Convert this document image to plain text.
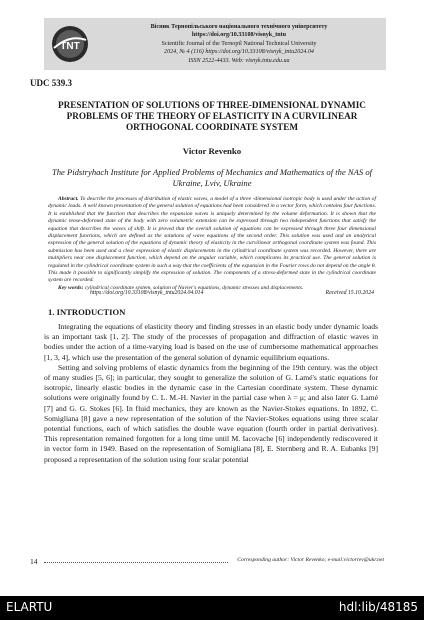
TNT
Вісник Тернопільського національного технічного університету
https://doi.org/10.33108/visnyk_tntu
Scientific Journal of the Ternopil National Technical University
2024, № 4 (116) https://doi.org/10.33108/visnyk_tntu2024.04
ISSN 2522-4433. Web: visnyk.tntu.edu.ua
UDC 539.3
PRESENTATION OF SOLUTIONS OF THREE-DIMENSIONAL DYNAMIC PROBLEMS OF THE THEORY OF ELASTICITY IN A CURVILINEAR ORTHOGONAL COORDINATE SYSTEM
Victor Revenko
The Pidstryhach Institute for Applied Problems of Mechanics and Mathematics of the NAS of Ukraine, Lviv, Ukraine

Abstract. To describe the processes of distribution of elastic waves, a model of a three -dimensional isotropic body is used under the action of dynamic loads. A well known presentation of the general solution of equations had been considered in a vector form, which contains four functions. It is established that the function that describes the expansion waves is uniquely determined by the volume deformation. It is shown that the dynamic tense-deformed state of the body with zero volumetric extension can be expressed through two independent functions that satisfy the equation that describes the waves of shift. It is proved that the overall solution of equations can be expressed through three four dimensional displacement functions, which are defined as the solutions of wave equations of the second order. This solution was used and an analytical expression of the general solution of the equations of dynamic theory of elasticity in the curvilinear orthogonal coordinate system was found. This submission has been used and a clear expression of elastic displacements in the cylindrical coordinate system was recorded. However, there are multipliers near one displacement function, which depend on the angular variable, which complicates its practical use. The general solution is regulated in the cylindrical coordinate system in such a way that the coefficients of the expansion in the Fourier rows do not depend on the angle θ. This made it possible to significantly simplify the expression of solution. The components of a stress-deformed state in the cylindrical coordinate system are recorded.

Key words: cylindrical coordinate system, solution of Navier's equations, dynamic stresses and displacements.

https://doi.org/10.33108/visnyk_tntu2024.04.014	Received 15.10.2024
1. INTRODUCTION

Integrating the equations of elasticity theory and finding stresses in an elastic body under dynamic loads is an important task [1, 2]. The study of the processes of propagation and diffraction of elastic waves in bodies under the action of a time-varying load is based on the use of cumbersome mathematical approaches [1, 3, 4], which use the presentation of the general solution of dynamic equilibrium equations.

Setting and solving problems of elastic dynamics from the beginning of the 19th century. was the object of many studies [5, 6]; in particular, they sought to generalize the solution of G. Lamé's static equations for isotropic, linearly elastic bodies in the dynamic case in the Cartesian coordinate system. These dynamic solutions were originally found by C. L. M.-H. Navier in the partial case when λ = μ; and also later G. Lamé [7] and G. G. Stokes [6]. In fluid mechanics, they are known as the Navier-Stokes equations. In 1892, C. Somigliana [8] gave a new representation of the solution of the Navier-Stokes equations using three scalar potential functions, each of which satisfies the double wave equation (fourth order in partial derivatives). This representation remained forgotten for a long time until M. Iacovache [6] independently rediscovered it in vector form in 1949. Based on the representation of Somigliana [8], E. Sternberg and R. A. Eubanks [9] proposed a representation of the solution using four scalar potential

14	Corresponding author: Victor Revenko; e-mail:victorrev@ukr.net
ELARTU	hdl:lib/48185
